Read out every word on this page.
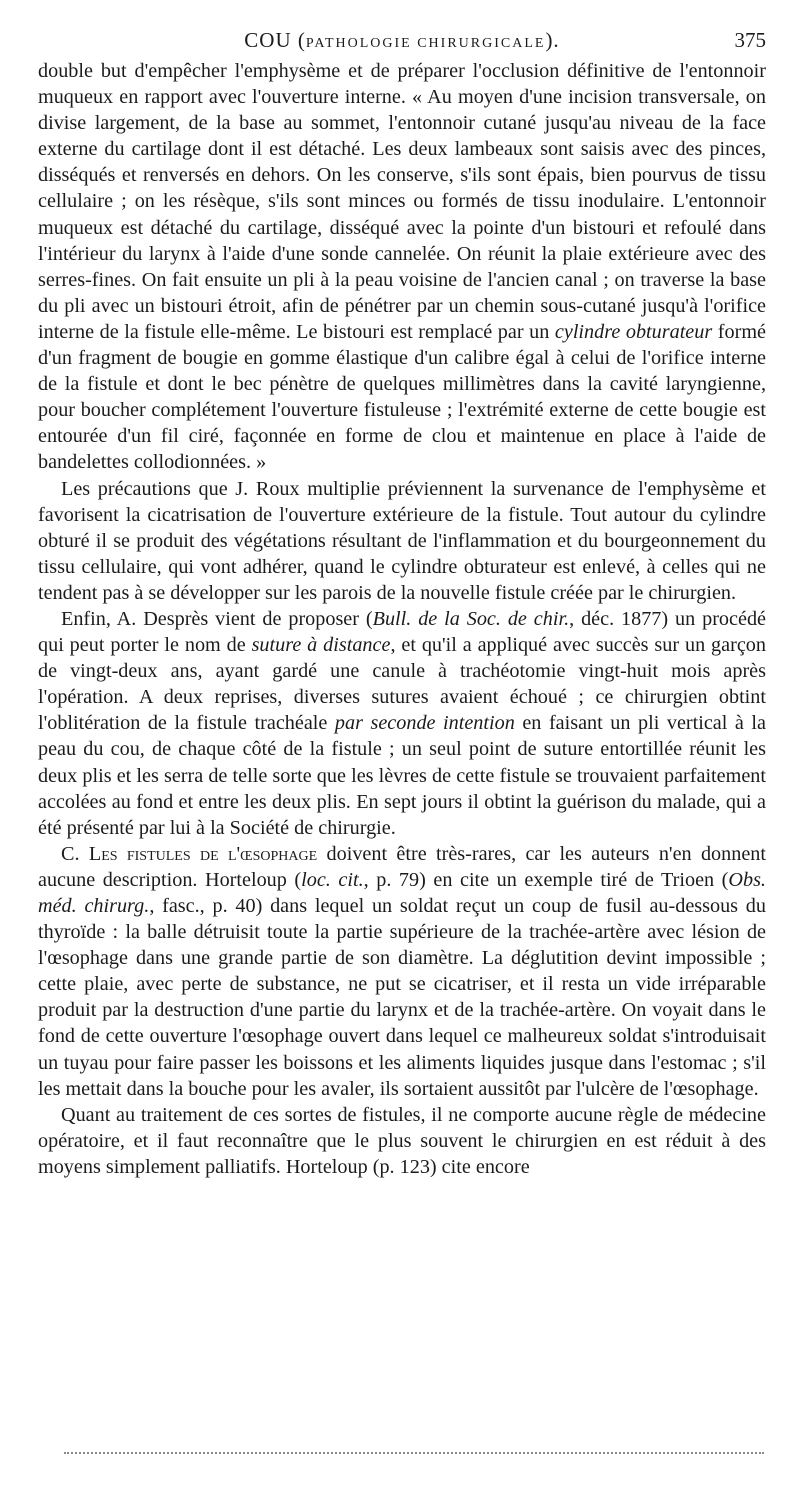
COU (PATHOLOGIE CHIRURGICALE).	375

double but d'empêcher l'emphysème et de préparer l'occlusion définitive de l'entonnoir muqueux en rapport avec l'ouverture interne. « Au moyen d'une incision transversale, on divise largement, de la base au sommet, l'entonnoir cutané jusqu'au niveau de la face externe du cartilage dont il est détaché. Les deux lambeaux sont saisis avec des pinces, disséqués et renversés en dehors. On les conserve, s'ils sont épais, bien pourvus de tissu cellulaire ; on les résèque, s'ils sont minces ou formés de tissu inodulaire. L'entonnoir muqueux est détaché du cartilage, disséqué avec la pointe d'un bistouri et refoulé dans l'intérieur du larynx à l'aide d'une sonde cannelée. On réunit la plaie extérieure avec des serres-fines. On fait ensuite un pli à la peau voisine de l'ancien canal ; on traverse la base du pli avec un bistouri étroit, afin de pénétrer par un chemin sous-cutané jusqu'à l'orifice interne de la fistule elle-même. Le bistouri est remplacé par un cylindre obturateur formé d'un fragment de bougie en gomme élastique d'un calibre égal à celui de l'orifice interne de la fistule et dont le bec pénètre de quelques millimètres dans la cavité laryngienne, pour boucher complétement l'ouverture fistuleuse ; l'extrémité externe de cette bougie est entourée d'un fil ciré, façonnée en forme de clou et maintenue en place à l'aide de bandelettes collodionnées. »

Les précautions que J. Roux multiplie préviennent la survenance de l'emphysème et favorisent la cicatrisation de l'ouverture extérieure de la fistule. Tout autour du cylindre obturé il se produit des végétations résultant de l'inflammation et du bourgeonnement du tissu cellulaire, qui vont adhérer, quand le cylindre obturateur est enlevé, à celles qui ne tendent pas à se développer sur les parois de la nouvelle fistule créée par le chirurgien.

Enfin, A. Desprès vient de proposer (Bull. de la Soc. de chir., déc. 1877) un procédé qui peut porter le nom de suture à distance, et qu'il a appliqué avec succès sur un garçon de vingt-deux ans, ayant gardé une canule à trachéotomie vingt-huit mois après l'opération. A deux reprises, diverses sutures avaient échoué ; ce chirurgien obtint l'oblitération de la fistule trachéale par seconde intention en faisant un pli vertical à la peau du cou, de chaque côté de la fistule ; un seul point de suture entortillée réunit les deux plis et les serra de telle sorte que les lèvres de cette fistule se trouvaient parfaitement accolées au fond et entre les deux plis. En sept jours il obtint la guérison du malade, qui a été présenté par lui à la Société de chirurgie.

C. Les fistules de l'œsophage doivent être très-rares, car les auteurs n'en donnent aucune description. Horteloup (loc. cit., p. 79) en cite un exemple tiré de Trioen (Obs. méd. chirurg., fasc., p. 40) dans lequel un soldat reçut un coup de fusil au-dessous du thyroïde : la balle détruisit toute la partie supérieure de la trachée-artère avec lésion de l'œsophage dans une grande partie de son diamètre. La déglutition devint impossible ; cette plaie, avec perte de substance, ne put se cicatriser, et il resta un vide irréparable produit par la destruction d'une partie du larynx et de la trachée-artère. On voyait dans le fond de cette ouverture l'œsophage ouvert dans lequel ce malheureux soldat s'introduisait un tuyau pour faire passer les boissons et les aliments liquides jusque dans l'estomac ; s'il les mettait dans la bouche pour les avaler, ils sortaient aussitôt par l'ulcère de l'œsophage.

Quant au traitement de ces sortes de fistules, il ne comporte aucune règle de médecine opératoire, et il faut reconnaître que le plus souvent le chirurgien en est réduit à des moyens simplement palliatifs. Horteloup (p. 123) cite encore
